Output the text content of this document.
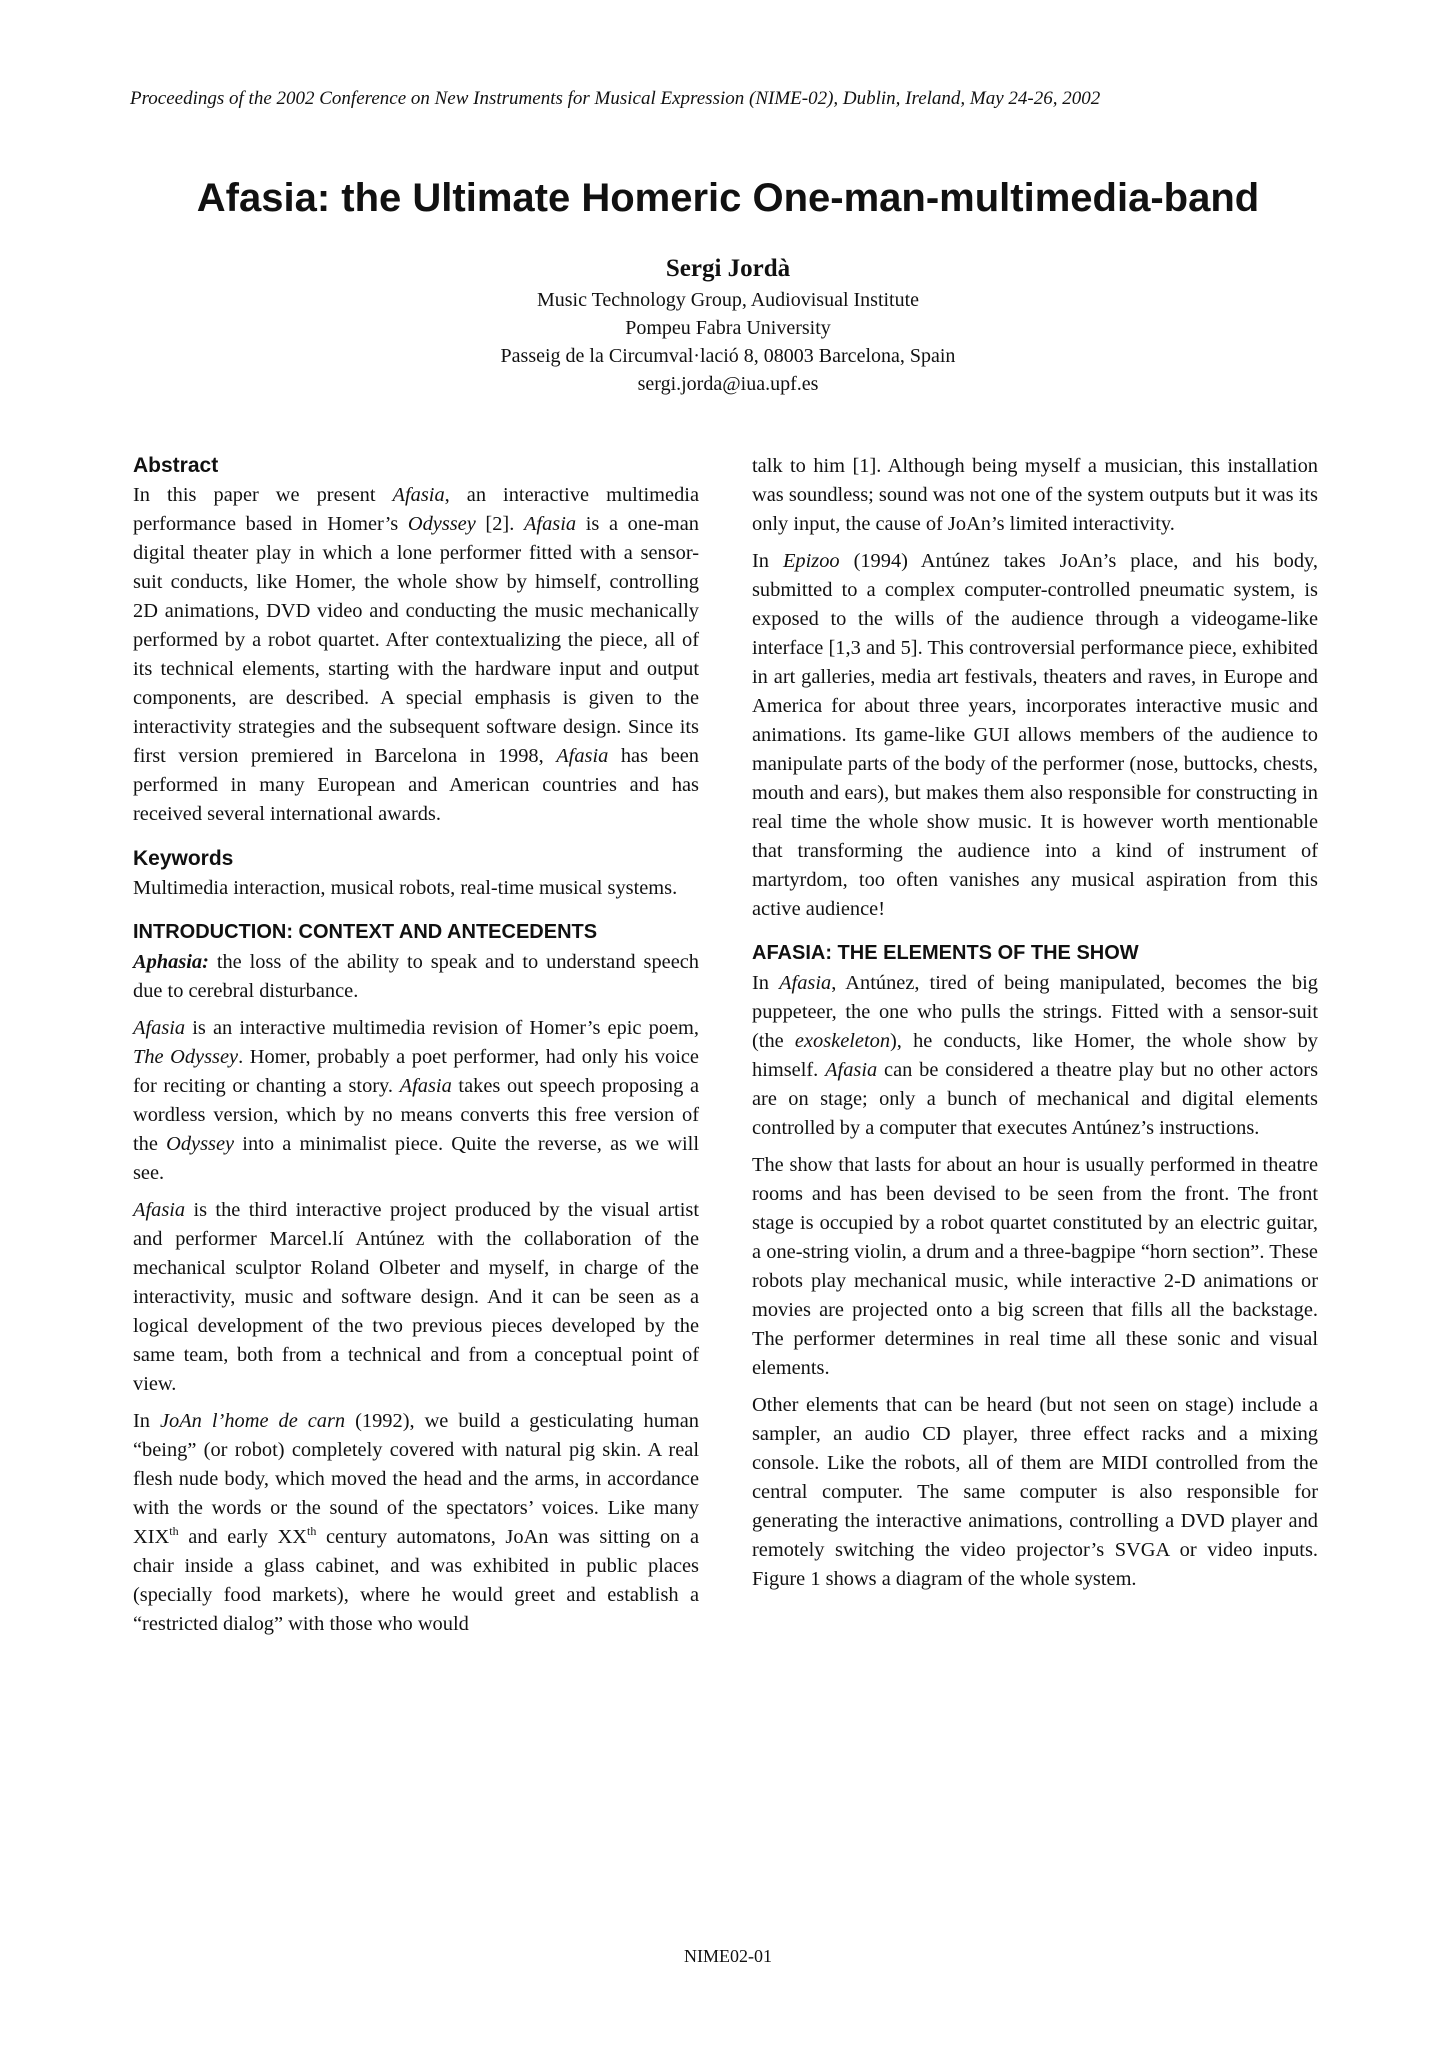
Proceedings of the 2002 Conference on New Instruments for Musical Expression (NIME-02), Dublin, Ireland, May 24-26, 2002
Afasia: the Ultimate Homeric One-man-multimedia-band
Sergi Jordà
Music Technology Group, Audiovisual Institute
Pompeu Fabra University
Passeig de la Circumval·lació 8, 08003 Barcelona, Spain
sergi.jorda@iua.upf.es
Abstract

In this paper we present Afasia, an interactive multimedia performance based in Homer’s Odyssey [2]. Afasia is a one-man digital theater play in which a lone performer fitted with a sensor-suit conducts, like Homer, the whole show by himself, controlling 2D animations, DVD video and conducting the music mechanically performed by a robot quartet. After contextualizing the piece, all of its technical elements, starting with the hardware input and output components, are described. A special emphasis is given to the interactivity strategies and the subsequent software design. Since its first version premiered in Barcelona in 1998, Afasia has been performed in many European and American countries and has received several international awards.

Keywords

Multimedia interaction, musical robots, real-time musical systems.

INTRODUCTION: CONTEXT AND ANTECEDENTS

Aphasia: the loss of the ability to speak and to understand speech due to cerebral disturbance.

Afasia is an interactive multimedia revision of Homer’s epic poem, The Odyssey. Homer, probably a poet performer, had only his voice for reciting or chanting a story. Afasia takes out speech proposing a wordless version, which by no means converts this free version of the Odyssey into a minimalist piece. Quite the reverse, as we will see.

Afasia is the third interactive project produced by the visual artist and performer Marcel.lí Antúnez with the collaboration of the mechanical sculptor Roland Olbeter and myself, in charge of the interactivity, music and software design. And it can be seen as a logical development of the two previous pieces developed by the same team, both from a technical and from a conceptual point of view.

In JoAn l’home de carn (1992), we build a gesticulating human “being” (or robot) completely covered with natural pig skin. A real flesh nude body, which moved the head and the arms, in accordance with the words or the sound of the spectators’ voices. Like many XIXth and early XXth century automatons, JoAn was sitting on a chair inside a glass cabinet, and was exhibited in public places (specially food markets), where he would greet and establish a “restricted dialog” with those who would

talk to him [1]. Although being myself a musician, this installation was soundless; sound was not one of the system outputs but it was its only input, the cause of JoAn’s limited interactivity.

In Epizoo (1994) Antúnez takes JoAn’s place, and his body, submitted to a complex computer-controlled pneumatic system, is exposed to the wills of the audience through a videogame-like interface [1,3 and 5]. This controversial performance piece, exhibited in art galleries, media art festivals, theaters and raves, in Europe and America for about three years, incorporates interactive music and animations. Its game-like GUI allows members of the audience to manipulate parts of the body of the performer (nose, buttocks, chests, mouth and ears), but makes them also responsible for constructing in real time the whole show music. It is however worth mentionable that transforming the audience into a kind of instrument of martyrdom, too often vanishes any musical aspiration from this active audience!

AFASIA: THE ELEMENTS OF THE SHOW

In Afasia, Antúnez, tired of being manipulated, becomes the big puppeteer, the one who pulls the strings. Fitted with a sensor-suit (the exoskeleton), he conducts, like Homer, the whole show by himself. Afasia can be considered a theatre play but no other actors are on stage; only a bunch of mechanical and digital elements controlled by a computer that executes Antúnez’s instructions.

The show that lasts for about an hour is usually performed in theatre rooms and has been devised to be seen from the front. The front stage is occupied by a robot quartet constituted by an electric guitar, a one-string violin, a drum and a three-bagpipe “horn section”. These robots play mechanical music, while interactive 2-D animations or movies are projected onto a big screen that fills all the backstage. The performer determines in real time all these sonic and visual elements.

Other elements that can be heard (but not seen on stage) include a sampler, an audio CD player, three effect racks and a mixing console. Like the robots, all of them are MIDI controlled from the central computer. The same computer is also responsible for generating the interactive animations, controlling a DVD player and remotely switching the video projector’s SVGA or video inputs. Figure 1 shows a diagram of the whole system.

NIME02-01
